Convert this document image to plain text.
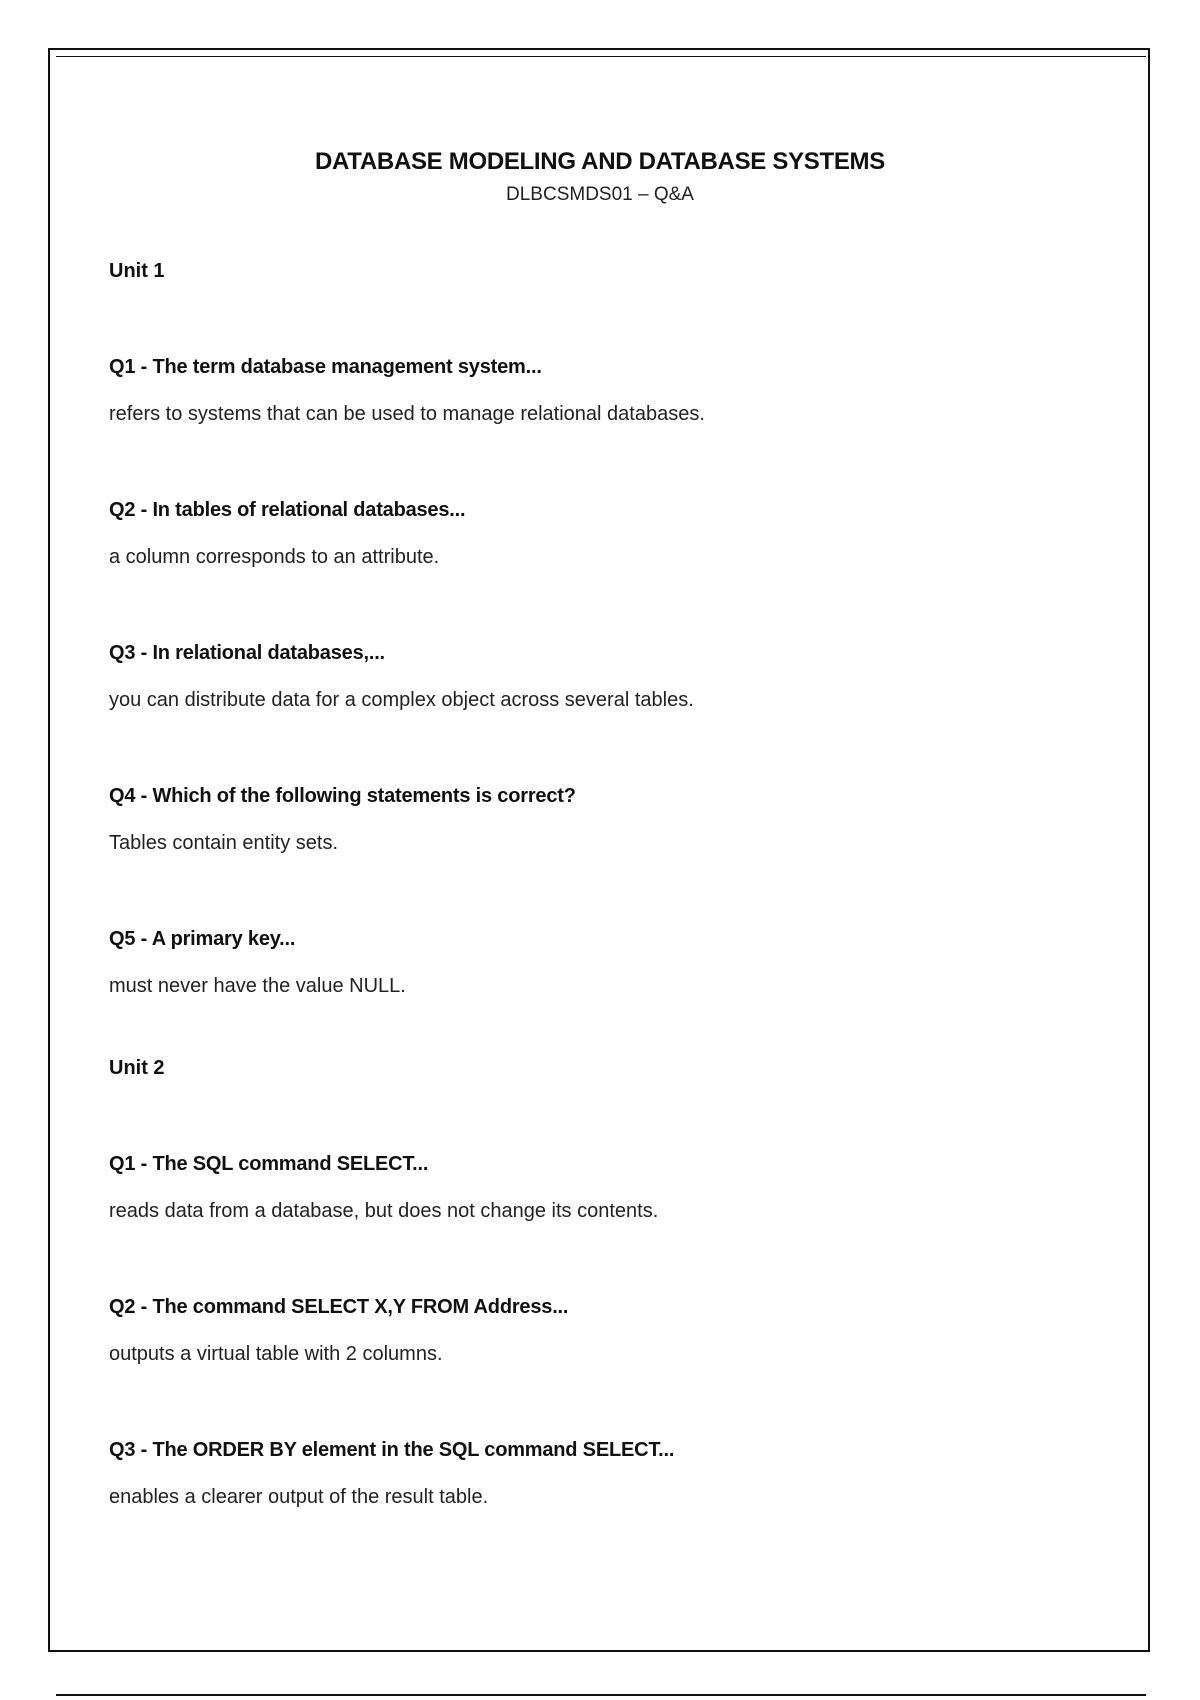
DATABASE MODELING AND DATABASE SYSTEMS
DLBCSMDS01 – Q&A
Unit 1

Q1 - The term database management system...

refers to systems that can be used to manage relational databases.

Q2 - In tables of relational databases...

a column corresponds to an attribute.

Q3 - In relational databases,...

you can distribute data for a complex object across several tables.

Q4 - Which of the following statements is correct?

Tables contain entity sets.

Q5 - A primary key...

must never have the value NULL.

Unit 2

Q1 - The SQL command SELECT...

reads data from a database, but does not change its contents.

Q2 - The command SELECT X,Y FROM Address...

outputs a virtual table with 2 columns.

Q3 - The ORDER BY element in the SQL command SELECT...

enables a clearer output of the result table.
